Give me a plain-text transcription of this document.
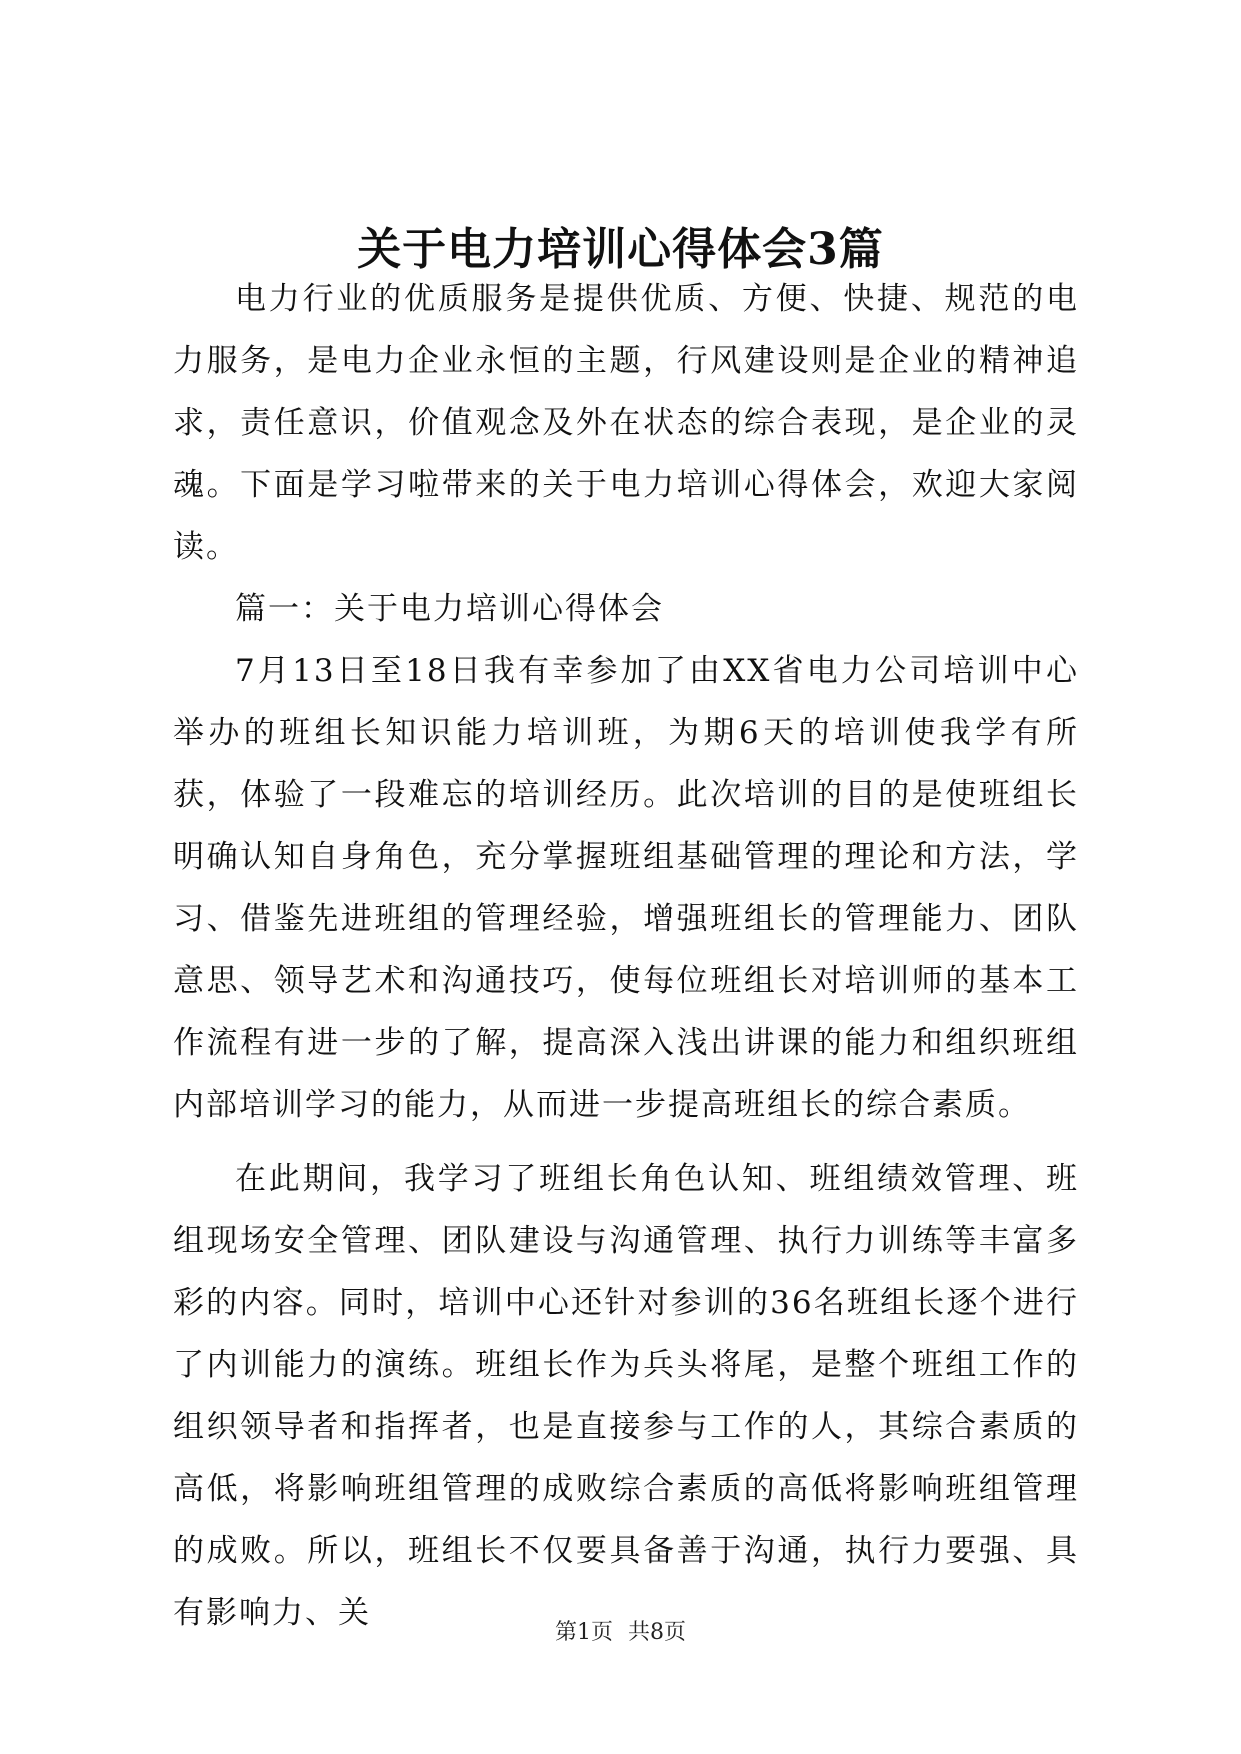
关于电力培训心得体会3篇

电力行业的优质服务是提供优质、方便、快捷、规范的电力服务，是电力企业永恒的主题，行风建设则是企业的精神追求，责任意识，价值观念及外在状态的综合表现，是企业的灵魂。下面是学习啦带来的关于电力培训心得体会，欢迎大家阅读。

篇一：关于电力培训心得体会

7月13日至18日我有幸参加了由XX省电力公司培训中心举办的班组长知识能力培训班，为期6天的培训使我学有所获，体验了一段难忘的培训经历。此次培训的目的是使班组长明确认知自身角色，充分掌握班组基础管理的理论和方法，学习、借鉴先进班组的管理经验，增强班组长的管理能力、团队意思、领导艺术和沟通技巧，使每位班组长对培训师的基本工作流程有进一步的了解，提高深入浅出讲课的能力和组织班组内部培训学习的能力，从而进一步提高班组长的综合素质。

在此期间，我学习了班组长角色认知、班组绩效管理、班组现场安全管理、团队建设与沟通管理、执行力训练等丰富多彩的内容。同时，培训中心还针对参训的36名班组长逐个进行了内训能力的演练。班组长作为兵头将尾，是整个班组工作的组织领导者和指挥者，也是直接参与工作的人，其综合素质的高低，将影响班组管理的成败综合素质的高低将影响班组管理的成败。所以，班组长不仅要具备善于沟通，执行力要强、具有影响力、关

第1页 共8页
